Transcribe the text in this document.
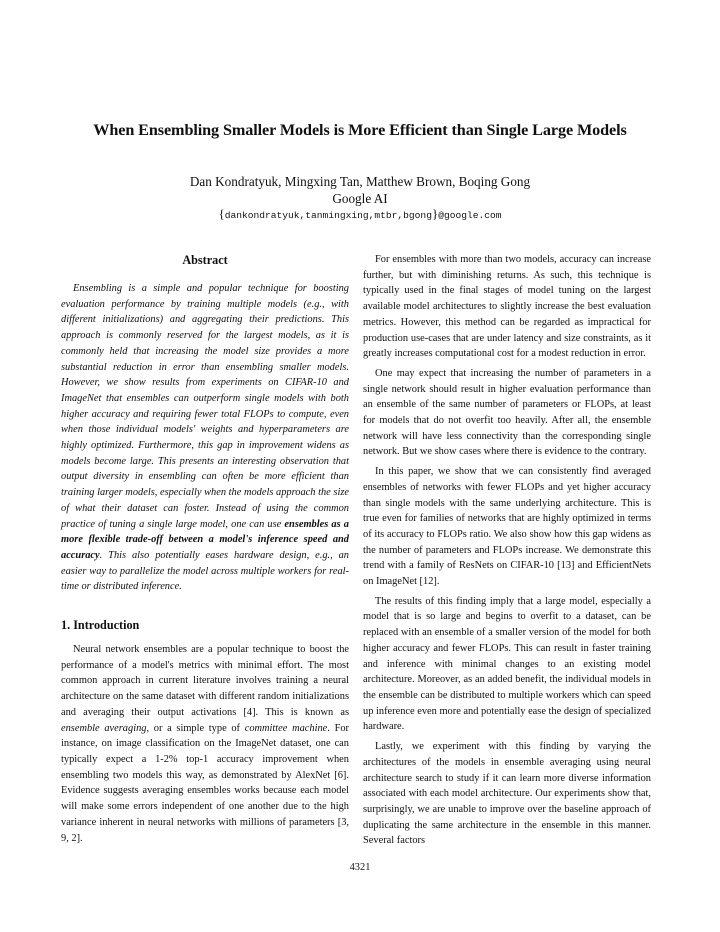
When Ensembling Smaller Models is More Efficient than Single Large Models
Dan Kondratyuk, Mingxing Tan, Matthew Brown, Boqing Gong
Google AI
{dankondratyuk,tanmingxing,mtbr,bgong}@google.com
Abstract

Ensembling is a simple and popular technique for boosting evaluation performance by training multiple models (e.g., with different initializations) and aggregating their predictions. This approach is commonly reserved for the largest models, as it is commonly held that increasing the model size provides a more substantial reduction in error than ensembling smaller models. However, we show results from experiments on CIFAR-10 and ImageNet that ensembles can outperform single models with both higher accuracy and requiring fewer total FLOPs to compute, even when those individual models' weights and hyperparameters are highly optimized. Furthermore, this gap in improvement widens as models become large. This presents an interesting observation that output diversity in ensembling can often be more efficient than training larger models, especially when the models approach the size of what their dataset can foster. Instead of using the common practice of tuning a single large model, one can use ensembles as a more flexible trade-off between a model's inference speed and accuracy. This also potentially eases hardware design, e.g., an easier way to parallelize the model across multiple workers for real-time or distributed inference.

1. Introduction

Neural network ensembles are a popular technique to boost the performance of a model's metrics with minimal effort. The most common approach in current literature involves training a neural architecture on the same dataset with different random initializations and averaging their output activations [4]. This is known as ensemble averaging, or a simple type of committee machine. For instance, on image classification on the ImageNet dataset, one can typically expect a 1-2% top-1 accuracy improvement when ensembling two models this way, as demonstrated by AlexNet [6]. Evidence suggests averaging ensembles works because each model will make some errors independent of one another due to the high variance inherent in neural networks with millions of parameters [3, 9, 2].

For ensembles with more than two models, accuracy can increase further, but with diminishing returns. As such, this technique is typically used in the final stages of model tuning on the largest available model architectures to slightly increase the best evaluation metrics. However, this method can be regarded as impractical for production use-cases that are under latency and size constraints, as it greatly increases computational cost for a modest reduction in error.

One may expect that increasing the number of parameters in a single network should result in higher evaluation performance than an ensemble of the same number of parameters or FLOPs, at least for models that do not overfit too heavily. After all, the ensemble network will have less connectivity than the corresponding single network. But we show cases where there is evidence to the contrary.

In this paper, we show that we can consistently find averaged ensembles of networks with fewer FLOPs and yet higher accuracy than single models with the same underlying architecture. This is true even for families of networks that are highly optimized in terms of its accuracy to FLOPs ratio. We also show how this gap widens as the number of parameters and FLOPs increase. We demonstrate this trend with a family of ResNets on CIFAR-10 [13] and EfficientNets on ImageNet [12].

The results of this finding imply that a large model, especially a model that is so large and begins to overfit to a dataset, can be replaced with an ensemble of a smaller version of the model for both higher accuracy and fewer FLOPs. This can result in faster training and inference with minimal changes to an existing model architecture. Moreover, as an added benefit, the individual models in the ensemble can be distributed to multiple workers which can speed up inference even more and potentially ease the design of specialized hardware.

Lastly, we experiment with this finding by varying the architectures of the models in ensemble averaging using neural architecture search to study if it can learn more diverse information associated with each model architecture. Our experiments show that, surprisingly, we are unable to improve over the baseline approach of duplicating the same architecture in the ensemble in this manner. Several factors

4321
